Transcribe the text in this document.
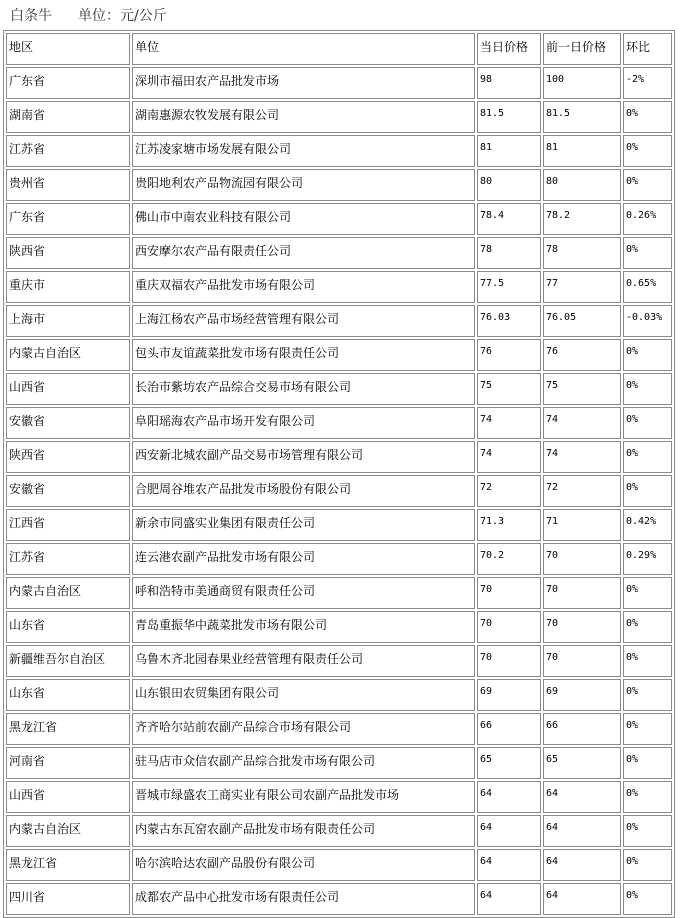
白条牛 单位：元/公斤
地区	单位	当日价格	前一日价格	环比
广东省	深圳市福田农产品批发市场	98	100	-2%
湖南省	湖南惠源农牧发展有限公司	81.5	81.5	0%
江苏省	江苏凌家塘市场发展有限公司	81	81	0%
贵州省	贵阳地利农产品物流园有限公司	80	80	0%
广东省	佛山市中南农业科技有限公司	78.4	78.2	0.26%
陕西省	西安摩尔农产品有限责任公司	78	78	0%
重庆市	重庆双福农产品批发市场有限公司	77.5	77	0.65%
上海市	上海江杨农产品市场经营管理有限公司	76.03	76.05	-0.03%
内蒙古自治区	包头市友谊蔬菜批发市场有限责任公司	76	76	0%
山西省	长治市紫坊农产品综合交易市场有限公司	75	75	0%
安徽省	阜阳瑶海农产品市场开发有限公司	74	74	0%
陕西省	西安新北城农副产品交易市场管理有限公司	74	74	0%
安徽省	合肥周谷堆农产品批发市场股份有限公司	72	72	0%
江西省	新余市同盛实业集团有限责任公司	71.3	71	0.42%
江苏省	连云港农副产品批发市场有限公司	70.2	70	0.29%
内蒙古自治区	呼和浩特市美通商贸有限责任公司	70	70	0%
山东省	青岛重振华中蔬菜批发市场有限公司	70	70	0%
新疆维吾尔自治区	乌鲁木齐北园春果业经营管理有限责任公司	70	70	0%
山东省	山东银田农贸集团有限公司	69	69	0%
黑龙江省	齐齐哈尔站前农副产品综合市场有限公司	66	66	0%
河南省	驻马店市众信农副产品综合批发市场有限公司	65	65	0%
山西省	晋城市绿盛农工商实业有限公司农副产品批发市场	64	64	0%
内蒙古自治区	内蒙古东瓦窑农副产品批发市场有限责任公司	64	64	0%
黑龙江省	哈尔滨哈达农副产品股份有限公司	64	64	0%
四川省	成都农产品中心批发市场有限责任公司	64	64	0%
